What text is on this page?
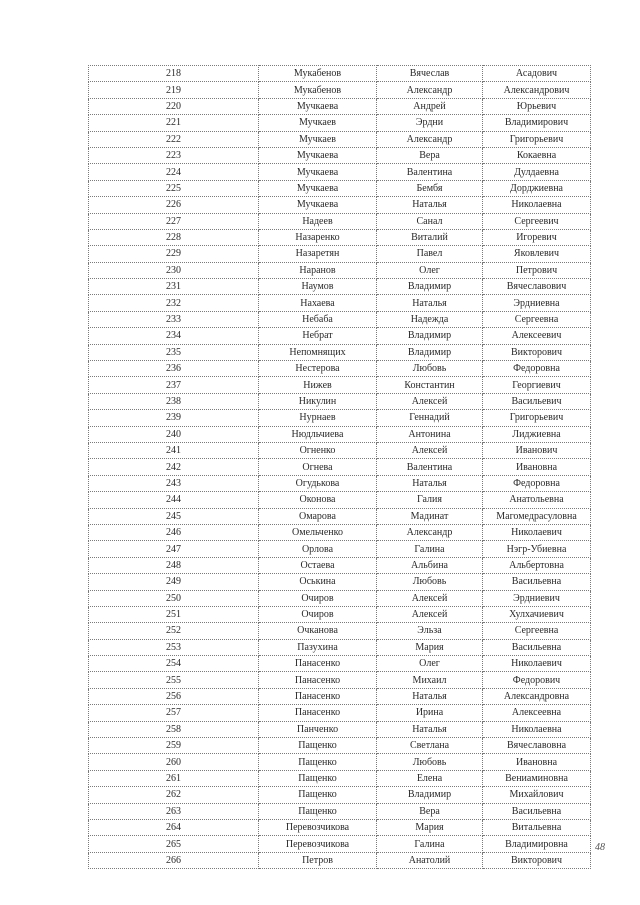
218	Мукабенов	Вячеслав	Асадович
219	Мукабенов	Александр	Александрович
220	Мучкаева	Андрей	Юрьевич
221	Мучкаев	Эрдни	Владимирович
222	Мучкаев	Александр	Григорьевич
223	Мучкаева	Вера	Кокаевна
224	Мучкаева	Валентина	Дулдаевна
225	Мучкаева	Бембя	Дорджиевна
226	Мучкаева	Наталья	Николаевна
227	Надеев	Санал	Сергеевич
228	Назаренко	Виталий	Игоревич
229	Назаретян	Павел	Яковлевич
230	Наранов	Олег	Петрович
231	Наумов	Владимир	Вячеславович
232	Нахаева	Наталья	Эрдниевна
233	Небаба	Надежда	Сергеевна
234	Небрат	Владимир	Алексеевич
235	Непомнящих	Владимир	Викторович
236	Нестерова	Любовь	Федоровна
237	Нижев	Константин	Георгиевич
238	Никулин	Алексей	Васильевич
239	Нурнаев	Геннадий	Григорьевич
240	Нюдльчиева	Антонина	Лиджиевна
241	Огненко	Алексей	Иванович
242	Огнева	Валентина	Ивановна
243	Огудькова	Наталья	Федоровна
244	Оконова	Галия	Анатольевна
245	Омарова	Мадинат	Магомедрасуловна
246	Омельченко	Александр	Николаевич
247	Орлова	Галина	Нэгр-Убиевна
248	Остаева	Альбина	Альбертовна
249	Оськина	Любовь	Васильевна
250	Очиров	Алексей	Эрдниевич
251	Очиров	Алексей	Хулхачиевич
252	Очканова	Эльза	Сергеевна
253	Пазухина	Мария	Васильевна
254	Панасенко	Олег	Николаевич
255	Панасенко	Михаил	Федорович
256	Панасенко	Наталья	Александровна
257	Панасенко	Ирина	Алексеевна
258	Панченко	Наталья	Николаевна
259	Пащенко	Светлана	Вячеславовна
260	Пащенко	Любовь	Ивановна
261	Пащенко	Елена	Вениаминовна
262	Пащенко	Владимир	Михайлович
263	Пащенко	Вера	Васильевна
264	Перевозчикова	Мария	Витальевна
265	Перевозчикова	Галина	Владимировна
266	Петров	Анатолий	Викторович
48
